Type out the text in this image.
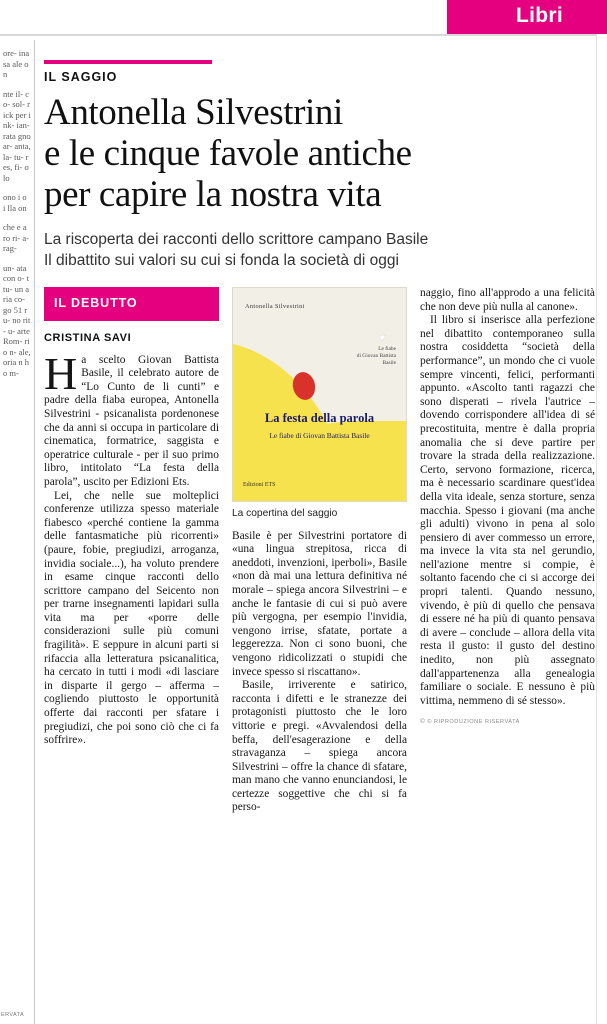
Libri
ore- ina sa ale on
nte il- co- sol- rick per ink- ian- rata gno ar- anta, la- tu- res, fi- olo
ono i o i lla on
che e a ro ri- a- rag-
un- ata con o- ttu- un aria co- go 51 ru- no rit- u- arte Rom- rio n- ale, oria n ho m-
ERVATA
IL SAGGIO
Antonella Silvestrini
e le cinque favole antiche
per capire la nostra vita
La riscoperta dei racconti dello scrittore campano Basile
Il dibattito sui valori su cui si fonda la società di oggi
IL DEBUTTO
CRISTINA SAVI

Ha scelto Giovan Battista Basile, il celebrato autore de “Lo Cunto de li cunti” e padre della fiaba europea, Antonella Silvestrini - psicanalista pordenonese che da anni si occupa in particolare di cinematica, formatrice, saggista e operatrice culturale - per il suo primo libro, intitolato “La festa della parola”, uscito per Edizioni Ets.

Lei, che nelle sue molteplici conferenze utilizza spesso materiale fiabesco «perché contiene la gamma delle fantasmatiche più ricorrenti» (paure, fobie, pregiudizi, arroganza, invidia sociale...), ha voluto prendere in esame cinque racconti dello scrittore campano del Seicento non per trarne insegnamenti lapidari sulla vita ma per «porre delle considerazioni sulle più comuni fragilità». E seppure in alcuni parti si rifaccia alla letteratura psicanalitica, ha cercato in tutti i modi «di lasciare in disparte il gergo – afferma – cogliendo piuttosto le opportunità offerte dai racconti per sfatare i pregiudizi, che poi sono ciò che ci fa soffrire».

Antonella Silvestrini
Le fiabe
di Giovan Battista
Basile
La festa della parola
Le fiabe di Giovan Battista Basile
Edizioni ETS
La copertina del saggio

Basile è per Silvestrini portatore di «una lingua strepitosa, ricca di aneddoti, invenzioni, iperboli», Basile «non dà mai una lettura definitiva né morale – spiega ancora Silvestrini – e anche le fantasie di cui si può avere più vergogna, per esempio l'invidia, vengono irrise, sfatate, portate a leggerezza. Non ci sono buoni, che vengono ridicolizzati o stupidi che invece spesso si riscattano».

Basile, irriverente e satirico, racconta i difetti e le stranezze dei protagonisti piuttosto che le loro vittorie e pregi. «Avvalendosi della beffa, dell'esagerazione e della stravaganza – spiega ancora Silvestrini – offre la chance di sfatare, man mano che vanno enunciandosi, le certezze soggettive che chi si fa perso-

naggio, fino all'approdo a una felicità che non deve più nulla al canone».

Il libro si inserisce alla perfezione nel dibattito contemporaneo sulla nostra cosiddetta “società della performance”, un mondo che ci vuole sempre vincenti, felici, performanti appunto. «Ascolto tanti ragazzi che sono disperati – rivela l'autrice – dovendo corrispondere all'idea di sé precostituita, mentre è dalla propria anomalia che si deve partire per trovare la strada della realizzazione. Certo, servono formazione, ricerca, ma è necessario scardinare quest'idea della vita ideale, senza storture, senza macchia. Spesso i giovani (ma anche gli adulti) vivono in pena al solo pensiero di aver commesso un errore, ma invece la vita sta nel gerundio, nell'azione mentre si compie, è soltanto facendo che ci si accorge dei propri talenti. Quando nessuno, vivendo, è più di quello che pensava di essere né ha più di quanto pensava di avere – conclude – allora della vita resta il gusto: il gusto del destino inedito, non più assegnato dall'appartenenza alla genealogia familiare o sociale. E nessuno è più vittima, nemmeno di sé stesso».

© © RIPRODUZIONE RISERVATA
